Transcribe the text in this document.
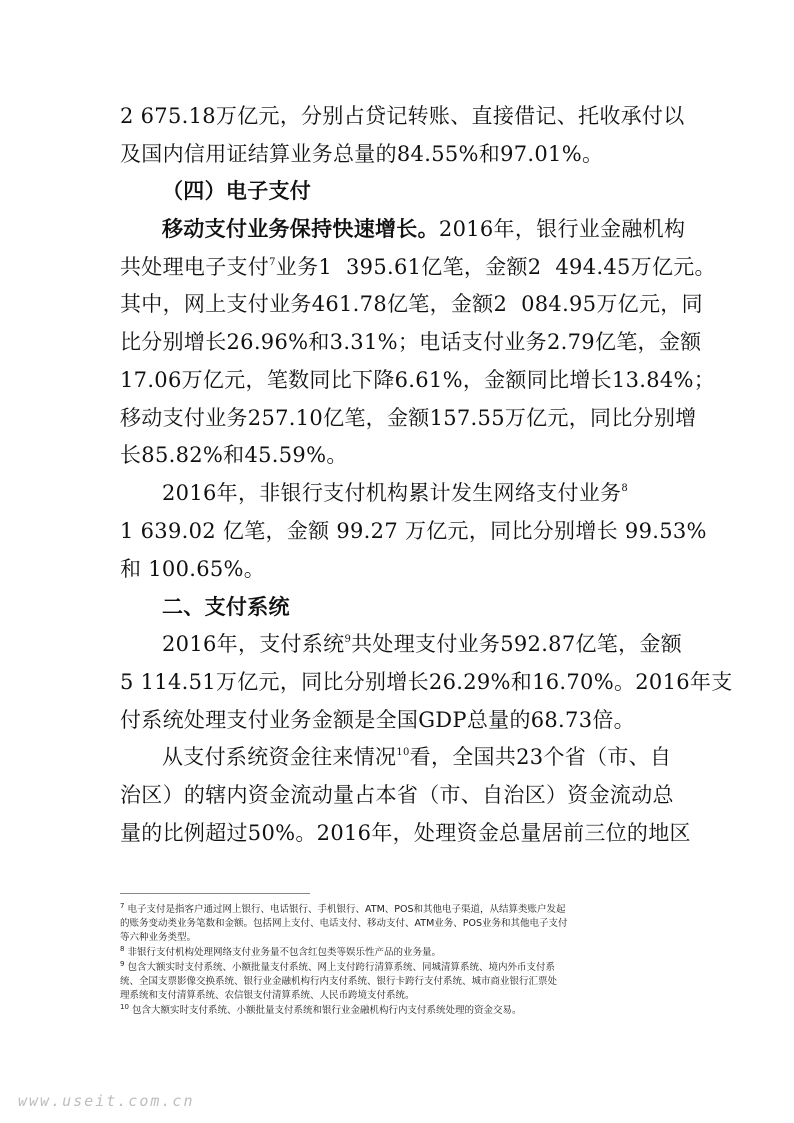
2 675.18万亿元，分别占贷记转账、直接借记、托收承付以
及国内信用证结算业务总量的84.55%和97.01%。
（四）电子支付
移动支付业务保持快速增长。2016年，银行业金融机构
共处理电子支付$^7$业务1  395.61亿笔，金额2  494.45万亿元。
其中，网上支付业务461.78亿笔，金额2  084.95万亿元，同
比分别增长26.96%和3.31%；电话支付业务2.79亿笔，金额
17.06万亿元，笔数同比下降6.61%，金额同比增长13.84%；
移动支付业务257.10亿笔，金额157.55万亿元，同比分别增
长85.82%和45.59%。
2016年，非银行支付机构累计发生网络支付业务$^8$
1 639.02 亿笔，金额 99.27 万亿元，同比分别增长 99.53%
和 100.65%。
二、支付系统
2016年，支付系统$^9$共处理支付业务592.87亿笔，金额
5 114.51万亿元，同比分别增长26.29%和16.70%。2016年支
付系统处理支付业务金额是全国GDP总量的68.73倍。
从支付系统资金往来情况$^{10}$看，全国共23个省（市、自
治区）的辖内资金流动量占本省（市、自治区）资金流动总
量的比例超过50%。2016年，处理资金总量居前三位的地区
$^7$ 电子支付是指客户通过网上银行、电话银行、手机银行、ATM、POS和其他电子渠道，从结算类账户发起
的账务变动类业务笔数和金额。包括网上支付、电话支付、移动支付、ATM业务、POS业务和其他电子支付
等六种业务类型。
$^8$ 非银行支付机构处理网络支付业务量不包含红包类等娱乐性产品的业务量。
$^9$ 包含大额实时支付系统、小额批量支付系统、网上支付跨行清算系统、同城清算系统、境内外币支付系
统、全国支票影像交换系统、银行业金融机构行内支付系统、银行卡跨行支付系统、城市商业银行汇票处
理系统和支付清算系统、农信银支付清算系统、人民币跨境支付系统。
$^{10}$ 包含大额实时支付系统、小额批量支付系统和银行业金融机构行内支付系统处理的资金交易。
www.useit.com.cn
